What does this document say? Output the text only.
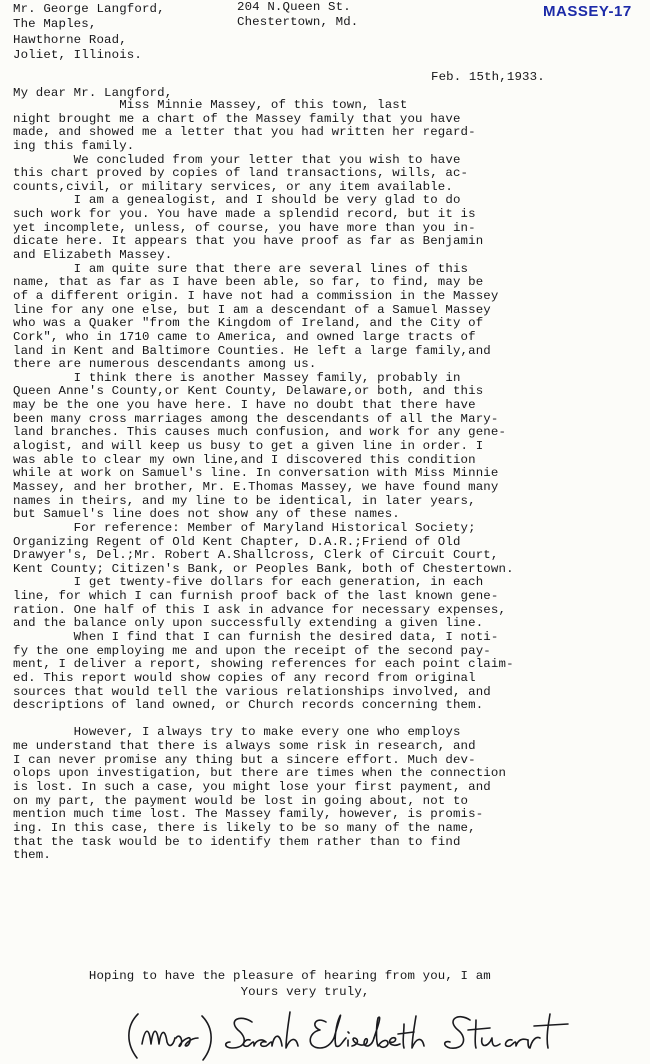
MASSEY-17
Mr. George Langford,
The Maples,
Hawthorne Road,
Joliet, Illinois.
204 N.Queen St.
Chestertown, Md.
Feb. 15th,1933.
My dear Mr. Langford,
Miss Minnie Massey, of this town, last
night brought me a chart of the Massey family that you have
made, and showed me a letter that you had written her regard-
ing this family.
We concluded from your letter that you wish to have
this chart proved by copies of land transactions, wills, ac-
counts,civil, or military services, or any item available.
I am a genealogist, and I should be very glad to do
such work for you. You have made a splendid record, but it is
yet incomplete, unless, of course, you have more than you in-
dicate here. It appears that you have proof as far as Benjamin
and Elizabeth Massey.
I am quite sure that there are several lines of this
name, that as far as I have been able, so far, to find, may be
of a different origin. I have not had a commission in the Massey
line for any one else, but I am a descendant of a Samuel Massey
who was a Quaker "from the Kingdom of Ireland, and the City of
Cork", who in 1710 came to America, and owned large tracts of
land in Kent and Baltimore Counties. He left a large family,and
there are numerous descendants among us.
I think there is another Massey family, probably in
Queen Anne's County,or Kent County, Delaware,or both, and this
may be the one you have here. I have no doubt that there have
been many cross marriages among the descendants of all the Mary-
land branches. This causes much confusion, and work for any gene-
alogist, and will keep us busy to get a given line in order. I
was able to clear my own line,and I discovered this condition
while at work on Samuel's line. In conversation with Miss Minnie
Massey, and her brother, Mr. E.Thomas Massey, we have found many
names in theirs, and my line to be identical, in later years,
but Samuel's line does not show any of these names.
For reference: Member of Maryland Historical Society;
Organizing Regent of Old Kent Chapter, D.A.R.;Friend of Old
Drawyer's, Del.;Mr. Robert A.Shallcross, Clerk of Circuit Court,
Kent County; Citizen's Bank, or Peoples Bank, both of Chestertown.
I get twenty-five dollars for each generation, in each
line, for which I can furnish proof back of the last known gene-
ration. One half of this I ask in advance for necessary expenses,
and the balance only upon successfully extending a given line.
When I find that I can furnish the desired data, I noti-
fy the one employing me and upon the receipt of the second pay-
ment, I deliver a report, showing references for each point claim-
ed. This report would show copies of any record from original
sources that would tell the various relationships involved, and
descriptions of land owned, or Church records concerning them.
However, I always try to make every one who employs
me understand that there is always some risk in research, and
I can never promise any thing but a sincere effort. Much dev-
olops upon investigation, but there are times when the connection
is lost. In such a case, you might lose your first payment, and
on my part, the payment would be lost in going about, not to
mention much time lost. The Massey family, however, is promis-
ing. In this case, there is likely to be so many of the name,
that the task would be to identify them rather than to find
them.
Hoping to have the pleasure of hearing from you, I am
Yours very truly,
